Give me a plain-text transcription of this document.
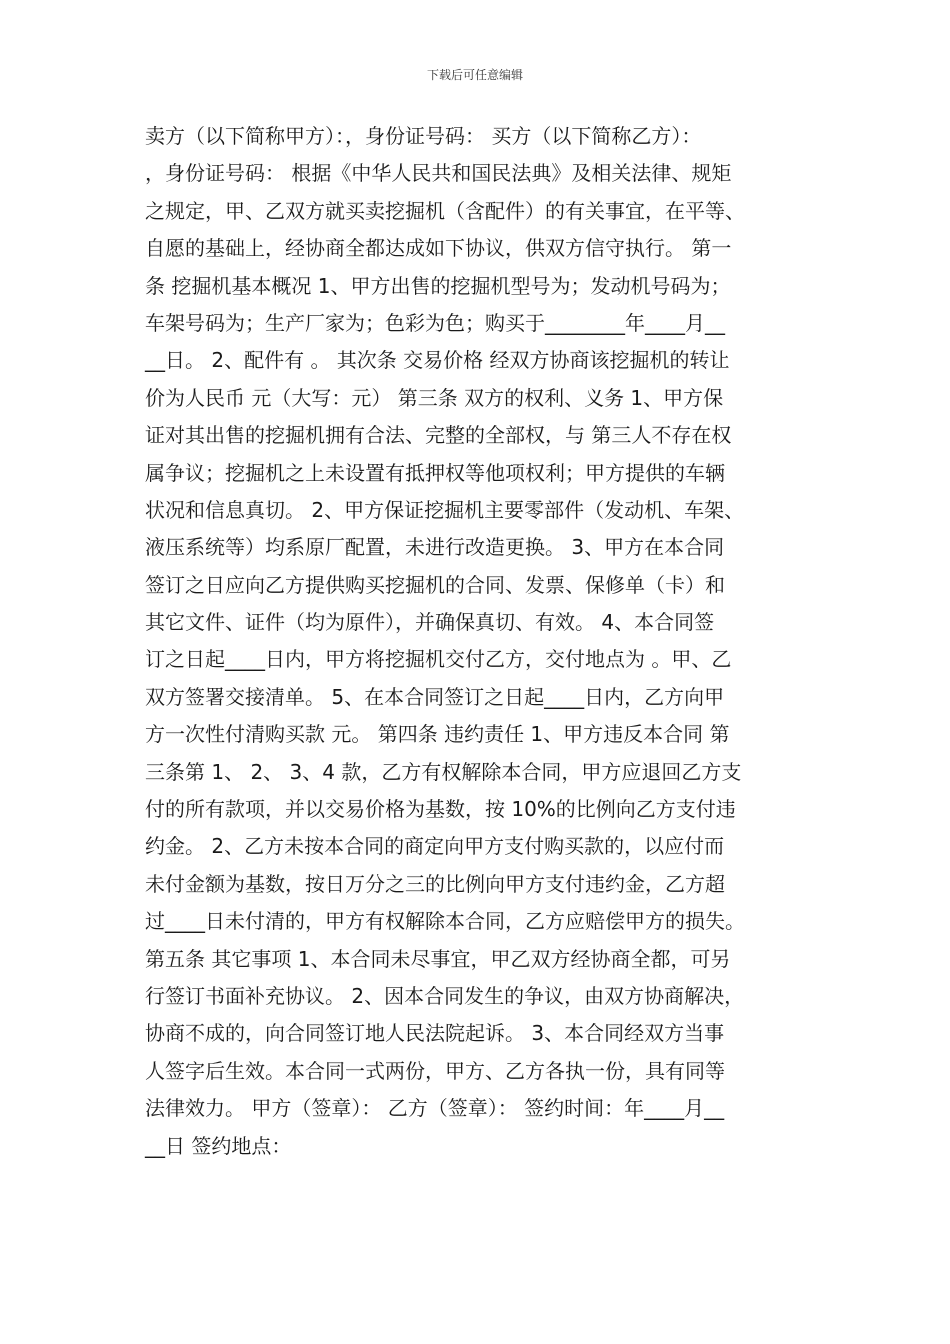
下载后可任意编辑
卖方（以下简称甲方）：，身份证号码： 买方（以下简称乙方）：
，身份证号码： 根据《中华人民共和国民法典》及相关法律、规矩
之规定，甲、乙双方就买卖挖掘机（含配件）的有关事宜，在平等、
自愿的基础上，经协商全都达成如下协议，供双方信守执行。 第一
条 挖掘机基本概况 1、甲方出售的挖掘机型号为；发动机号码为；
车架号码为；生产厂家为；色彩为色；购买于________年____月__
__日。 2、配件有 。 其次条 交易价格 经双方协商该挖掘机的转让
价为人民币 元（大写：元） 第三条 双方的权利、义务 1、甲方保
证对其出售的挖掘机拥有合法、完整的全部权，与 第三人不存在权
属争议；挖掘机之上未设置有抵押权等他项权利；甲方提供的车辆
状况和信息真切。 2、甲方保证挖掘机主要零部件（发动机、车架、
液压系统等）均系原厂配置，未进行改造更换。 3、甲方在本合同
签订之日应向乙方提供购买挖掘机的合同、发票、保修单（卡）和
其它文件、证件（均为原件），并确保真切、有效。 4、本合同签
订之日起____日内，甲方将挖掘机交付乙方，交付地点为 。甲、乙
双方签署交接清单。 5、在本合同签订之日起____日内，乙方向甲
方一次性付清购买款 元。 第四条 违约责任 1、甲方违反本合同 第
三条第 1、 2、 3、4 款，乙方有权解除本合同，甲方应退回乙方支
付的所有款项，并以交易价格为基数，按 10%的比例向乙方支付违
约金。 2、乙方未按本合同的商定向甲方支付购买款的，以应付而
未付金额为基数，按日万分之三的比例向甲方支付违约金，乙方超
过____日未付清的，甲方有权解除本合同，乙方应赔偿甲方的损失。
第五条 其它事项 1、本合同未尽事宜，甲乙双方经协商全都，可另
行签订书面补充协议。 2、因本合同发生的争议，由双方协商解决，
协商不成的，向合同签订地人民法院起诉。 3、本合同经双方当事
人签字后生效。本合同一式两份，甲方、乙方各执一份，具有同等
法律效力。 甲方（签章）： 乙方（签章）： 签约时间：年____月__
__日 签约地点：
